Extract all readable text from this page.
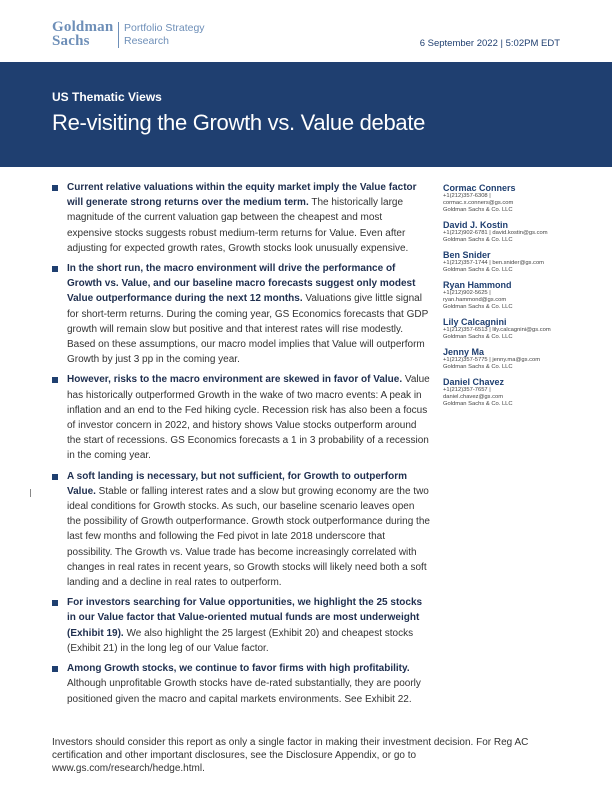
Goldman
Sachs
Portfolio Strategy
Research	6 September 2022 | 5:02PM EDT
US Thematic Views
Re-visiting the Growth vs. Value debate
Current relative valuations within the equity market imply the Value factor will generate strong returns over the medium term. The historically large magnitude of the current valuation gap between the cheapest and most expensive stocks suggests robust medium-term returns for Value. Even after adjusting for expected growth rates, Growth stocks look unusually expensive.
In the short run, the macro environment will drive the performance of Growth vs. Value, and our baseline macro forecasts suggest only modest Value outperformance during the next 12 months. Valuations give little signal for short-term returns. During the coming year, GS Economics forecasts that GDP growth will remain slow but positive and that interest rates will rise modestly. Based on these assumptions, our macro model implies that Value will outperform Growth by just 3 pp in the coming year.
However, risks to the macro environment are skewed in favor of Value. Value has historically outperformed Growth in the wake of two macro events: A peak in inflation and an end to the Fed hiking cycle. Recession risk has also been a focus of investor concern in 2022, and history shows Value stocks outperform around the start of recessions. GS Economics forecasts a 1 in 3 probability of a recession in the coming year.
A soft landing is necessary, but not sufficient, for Growth to outperform Value. Stable or falling interest rates and a slow but growing economy are the two ideal conditions for Growth stocks. As such, our baseline scenario leaves open the possibility of Growth outperformance. Growth stock outperformance during the last few months and following the Fed pivot in late 2018 underscore that possibility. The Growth vs. Value trade has become increasingly correlated with changes in real rates in recent years, so Growth stocks will likely need both a soft landing and a decline in real rates to outperform.
For investors searching for Value opportunities, we highlight the 25 stocks in our Value factor that Value-oriented mutual funds are most underweight (Exhibit 19). We also highlight the 25 largest (Exhibit 20) and cheapest stocks (Exhibit 21) in the long leg of our Value factor.
Among Growth stocks, we continue to favor firms with high profitability. Although unprofitable Growth stocks have de-rated substantially, they are poorly positioned given the macro and capital markets environments. See Exhibit 22.
Cormac Conners
+1(212)357-6308 |
cormac.x.conners@gs.com
Goldman Sachs & Co. LLC
David J. Kostin
+1(212)902-6781 | david.kostin@gs.com
Goldman Sachs & Co. LLC
Ben Snider
+1(212)357-1744 | ben.snider@gs.com
Goldman Sachs & Co. LLC
Ryan Hammond
+1(212)902-5625 |
ryan.hammond@gs.com
Goldman Sachs & Co. LLC
Lily Calcagnini
+1(212)357-6513 | lily.calcagnini@gs.com
Goldman Sachs & Co. LLC
Jenny Ma
+1(212)357-5775 | jenny.ma@gs.com
Goldman Sachs & Co. LLC
Daniel Chavez
+1(212)357-7657 |
daniel.chavez@gs.com
Goldman Sachs & Co. LLC
Investors should consider this report as only a single factor in making their investment decision. For Reg AC certification and other important disclosures, see the Disclosure Appendix, or go to www.gs.com/research/hedge.html.
